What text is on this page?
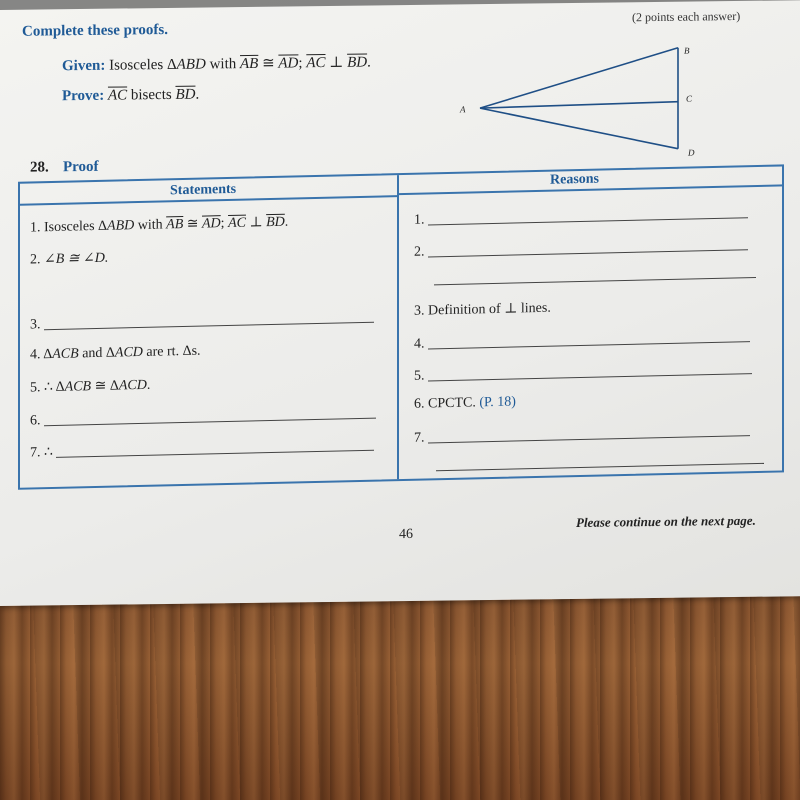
Complete these proofs.
(2 points each answer)
Given: Isosceles ΔABD with $\overline{AB}$ ≅ $\overline{AD}$; $\overline{AC}$ ⊥ $\overline{BD}$.
Prove: $\overline{AC}$ bisects $\overline{BD}$.
A
B
C
D
28. Proof
Statements
Reasons
1. Isosceles ΔABD with $\overline{AB}$ ≅ $\overline{AD}$; $\overline{AC}$ ⊥ $\overline{BD}$.
2. ∠B ≅ ∠D.
3.
4. ΔACB and ΔACD are rt. Δs.
5. ∴ ΔACB ≅ ΔACD.
6.
7. ∴
1.
2.
3. Definition of ⊥ lines.
4.
5.
6. CPCTC. (P. 18)
7.
46
Please continue on the next page.
